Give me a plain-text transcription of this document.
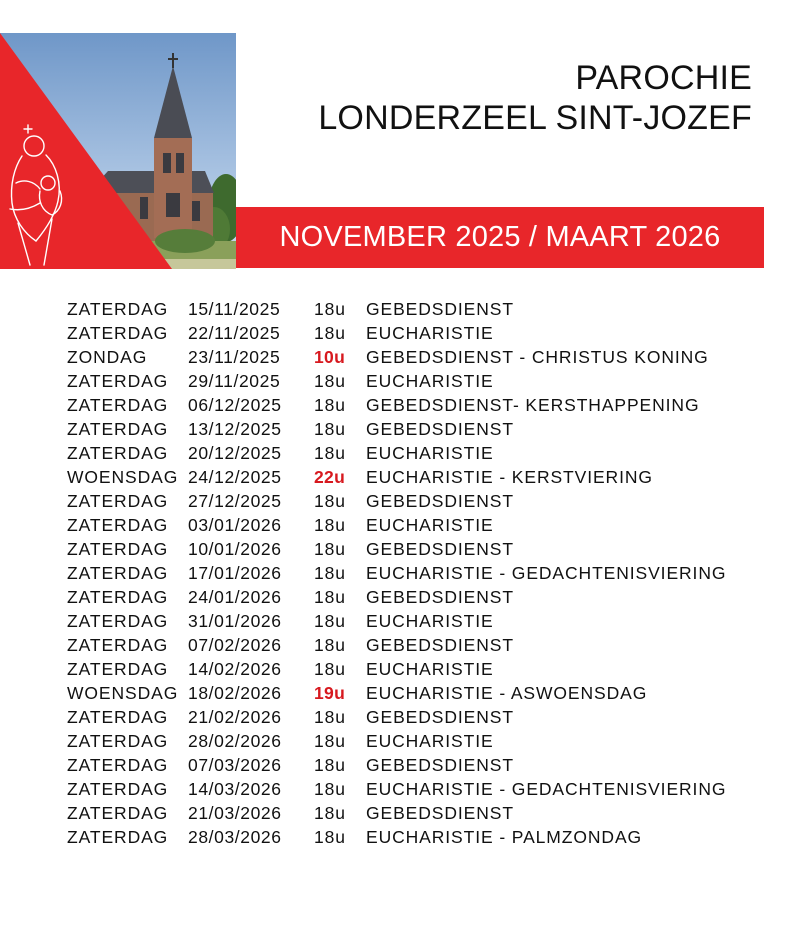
PAROCHIE
LONDERZEEL SINT-JOZEF
NOVEMBER 2025 / MAART 2026
ZATERDAG 15/11/2025 18u GEBEDSDIENST
ZATERDAG 22/11/2025 18u EUCHARISTIE
ZONDAG 23/11/2025 10u GEBEDSDIENST - CHRISTUS KONING
ZATERDAG 29/11/2025 18u EUCHARISTIE
ZATERDAG 06/12/2025 18u GEBEDSDIENST- KERSTHAPPENING
ZATERDAG 13/12/2025 18u GEBEDSDIENST
ZATERDAG 20/12/2025 18u EUCHARISTIE
WOENSDAG 24/12/2025 22u EUCHARISTIE - KERSTVIERING
ZATERDAG 27/12/2025 18u GEBEDSDIENST
ZATERDAG 03/01/2026 18u EUCHARISTIE
ZATERDAG 10/01/2026 18u GEBEDSDIENST
ZATERDAG 17/01/2026 18u EUCHARISTIE - GEDACHTENISVIERING
ZATERDAG 24/01/2026 18u GEBEDSDIENST
ZATERDAG 31/01/2026 18u EUCHARISTIE
ZATERDAG 07/02/2026 18u GEBEDSDIENST
ZATERDAG 14/02/2026 18u EUCHARISTIE
WOENSDAG 18/02/2026 19u EUCHARISTIE - ASWOENSDAG
ZATERDAG 21/02/2026 18u GEBEDSDIENST
ZATERDAG 28/02/2026 18u EUCHARISTIE
ZATERDAG 07/03/2026 18u GEBEDSDIENST
ZATERDAG 14/03/2026 18u EUCHARISTIE - GEDACHTENISVIERING
ZATERDAG 21/03/2026 18u GEBEDSDIENST
ZATERDAG 28/03/2026 18u EUCHARISTIE - PALMZONDAG
